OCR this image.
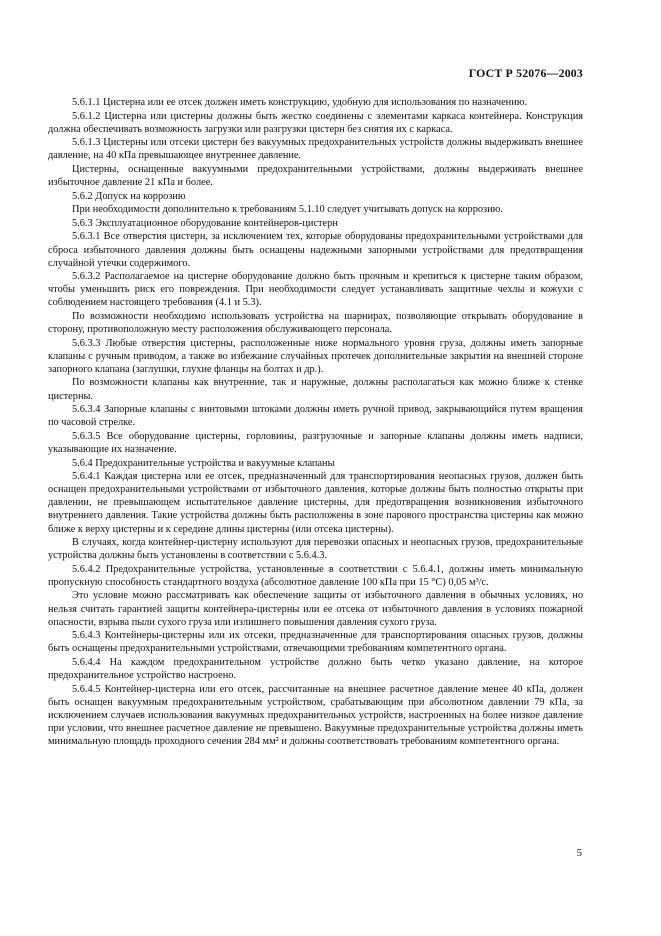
ГОСТ Р 52076—2003

5.6.1.1 Цистерна или ее отсек должен иметь конструкцию, удобную для использования по назначению.

5.6.1.2 Цистерна или цистерны должны быть жестко соединены с элементами каркаса контейнера. Конструкция должна обеспечивать возможность загрузки или разгрузки цистерн без снятия их с каркаса.

5.6.1.3 Цистерны или отсеки цистерн без вакуумных предохранительных устройств должны выдерживать внешнее давление, на 40 кПа превышающее внутреннее давление.

Цистерны, оснащенные вакуумными предохранительными устройствами, должны выдерживать внешнее избыточное давление 21 кПа и более.

5.6.2 Допуск на коррозию

При необходимости дополнительно к требованиям 5.1.10 следует учитывать допуск на коррозию.

5.6.3 Эксплуатационное оборудование контейнеров-цистерн

5.6.3.1 Все отверстия цистерн, за исключением тех, которые оборудованы предохранительными устройствами для сброса избыточного давления должны быть оснащены надежными запорными устройствами для предотвращения случайной утечки содержимого.

5.6.3.2 Располагаемое на цистерне оборудование должно быть прочным и крепиться к цистерне таким образом, чтобы уменьшить риск его повреждения. При необходимости следует устанавливать защитные чехлы и кожухи с соблюдением настоящего требования (4.1 и 5.3).

По возможности необходимо использовать устройства на шарнирах, позволяющие открывать оборудование в сторону, противоположную месту расположения обслуживающего персонала.

5.6.3.3 Любые отверстия цистерны, расположенные ниже нормального уровня груза, должны иметь запорные клапаны с ручным приводом, а также во избежание случайных протечек дополнительные закрытия на внешней стороне запорного клапана (заглушки, глухие фланцы на болтах и др.).

По возможности клапаны как внутренние, так и наружные, должны располагаться как можно ближе к стенке цистерны.

5.6.3.4 Запорные клапаны с винтовыми штоками должны иметь ручной привод, закрывающийся путем вращения по часовой стрелке.

5.6.3.5 Все оборудование цистерны, горловины, разгрузочные и запорные клапаны должны иметь надписи, указывающие их назначение.

5.6.4 Предохранительные устройства и вакуумные клапаны

5.6.4.1 Каждая цистерна или ее отсек, предназначенный для транспортирования неопасных грузов, должен быть оснащен предохранительными устройствами от избыточного давления, которые должны быть полностью открыты при давлении, не превышающем испытательное давление цистерны, для предотвращения возникновения избыточного внутреннего давления. Такие устройства должны быть расположены в зоне парового пространства цистерны как можно ближе к верху цистерны и к середине длины цистерны (или отсека цистерны).

В случаях, когда контейнер-цистерну используют для перевозки опасных и неопасных грузов, предохранительные устройства должны быть установлены в соответствии с 5.6.4.3.

5.6.4.2 Предохранительные устройства, установленные в соответствии с 5.6.4.1, должны иметь минимальную пропускную способность стандартного воздуха (абсолютное давление 100 кПа при 15 °С) 0,05 м³/с.

Это условие можно рассматривать как обеспечение защиты от избыточного давления в обычных условиях, но нельзя считать гарантией защиты контейнера-цистерны или ее отсека от избыточного давления в условиях пожарной опасности, взрыва пыли сухого груза или излишнего повышения давления сухого груза.

5.6.4.3 Контейнеры-цистерны или их отсеки, предназначенные для транспортирования опасных грузов, должны быть оснащены предохранительными устройствами, отвечающими требованиям компетентного органа.

5.6.4.4 На каждом предохранительном устройстве должно быть четко указано давление, на которое предохранительное устройство настроено.

5.6.4.5 Контейнер-цистерна или его отсек, рассчитанные на внешнее расчетное давление менее 40 кПа, должен быть оснащен вакуумным предохранительным устройством, срабатывающим при абсолютном давлении 79 кПа, за исключением случаев использования вакуумных предохранительных устройств, настроенных на более низкое давление при условии, что внешнее расчетное давление не превышено. Вакуумные предохранительные устройства должны иметь минимальную площадь проходного сечения 284 мм² и должны соответствовать требованиям компетентного органа.

5
